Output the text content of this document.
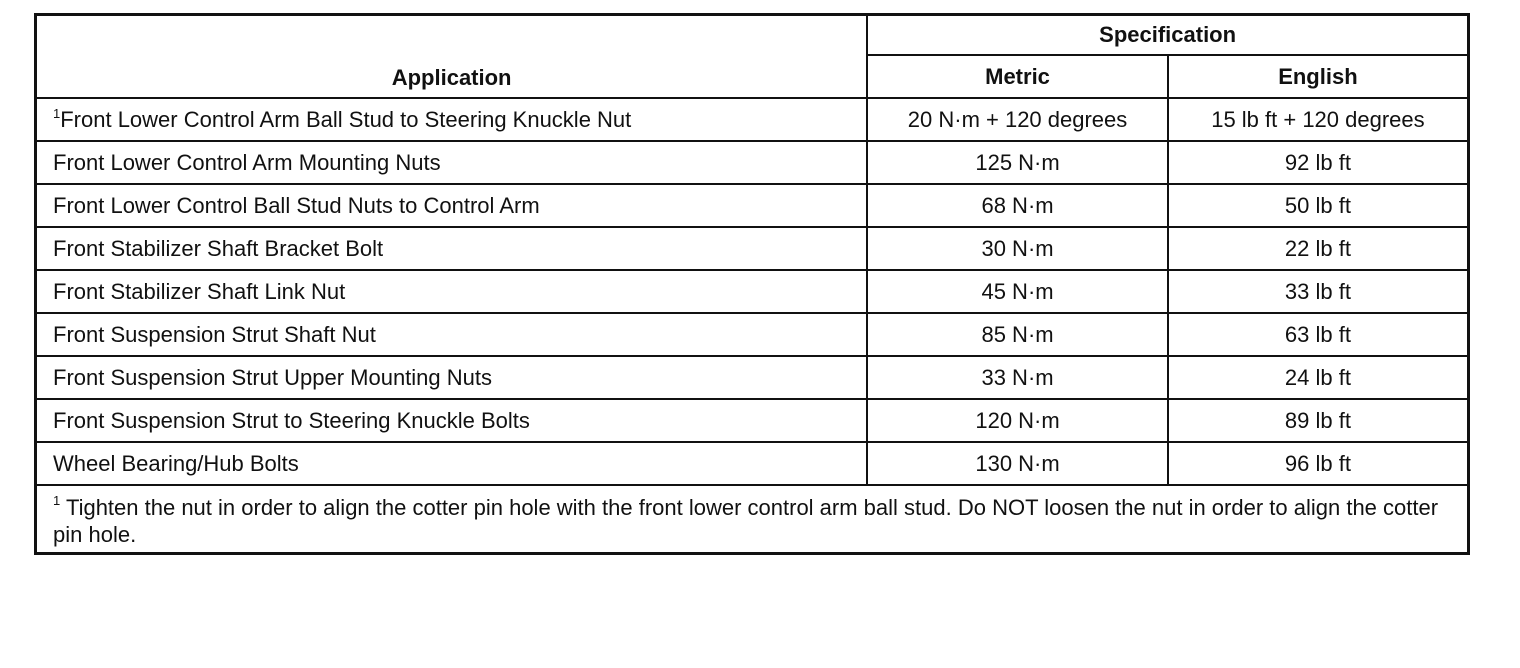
Application	Specification	
	Metric	English
$^1$Front Lower Control Arm Ball Stud to Steering Knuckle Nut	20 N·m + 120 degrees	15 lb ft + 120 degrees
Front Lower Control Arm Mounting Nuts	125 N·m	92 lb ft
Front Lower Control Ball Stud Nuts to Control Arm	68 N·m	50 lb ft
Front Stabilizer Shaft Bracket Bolt	30 N·m	22 lb ft
Front Stabilizer Shaft Link Nut	45 N·m	33 lb ft
Front Suspension Strut Shaft Nut	85 N·m	63 lb ft
Front Suspension Strut Upper Mounting Nuts	33 N·m	24 lb ft
Front Suspension Strut to Steering Knuckle Bolts	120 N·m	89 lb ft
Wheel Bearing/Hub Bolts	130 N·m	96 lb ft
$^1$ Tighten the nut in order to align the cotter pin hole with the front lower control arm ball stud. Do NOT loosen the nut in order to align the cotter pin hole.		
